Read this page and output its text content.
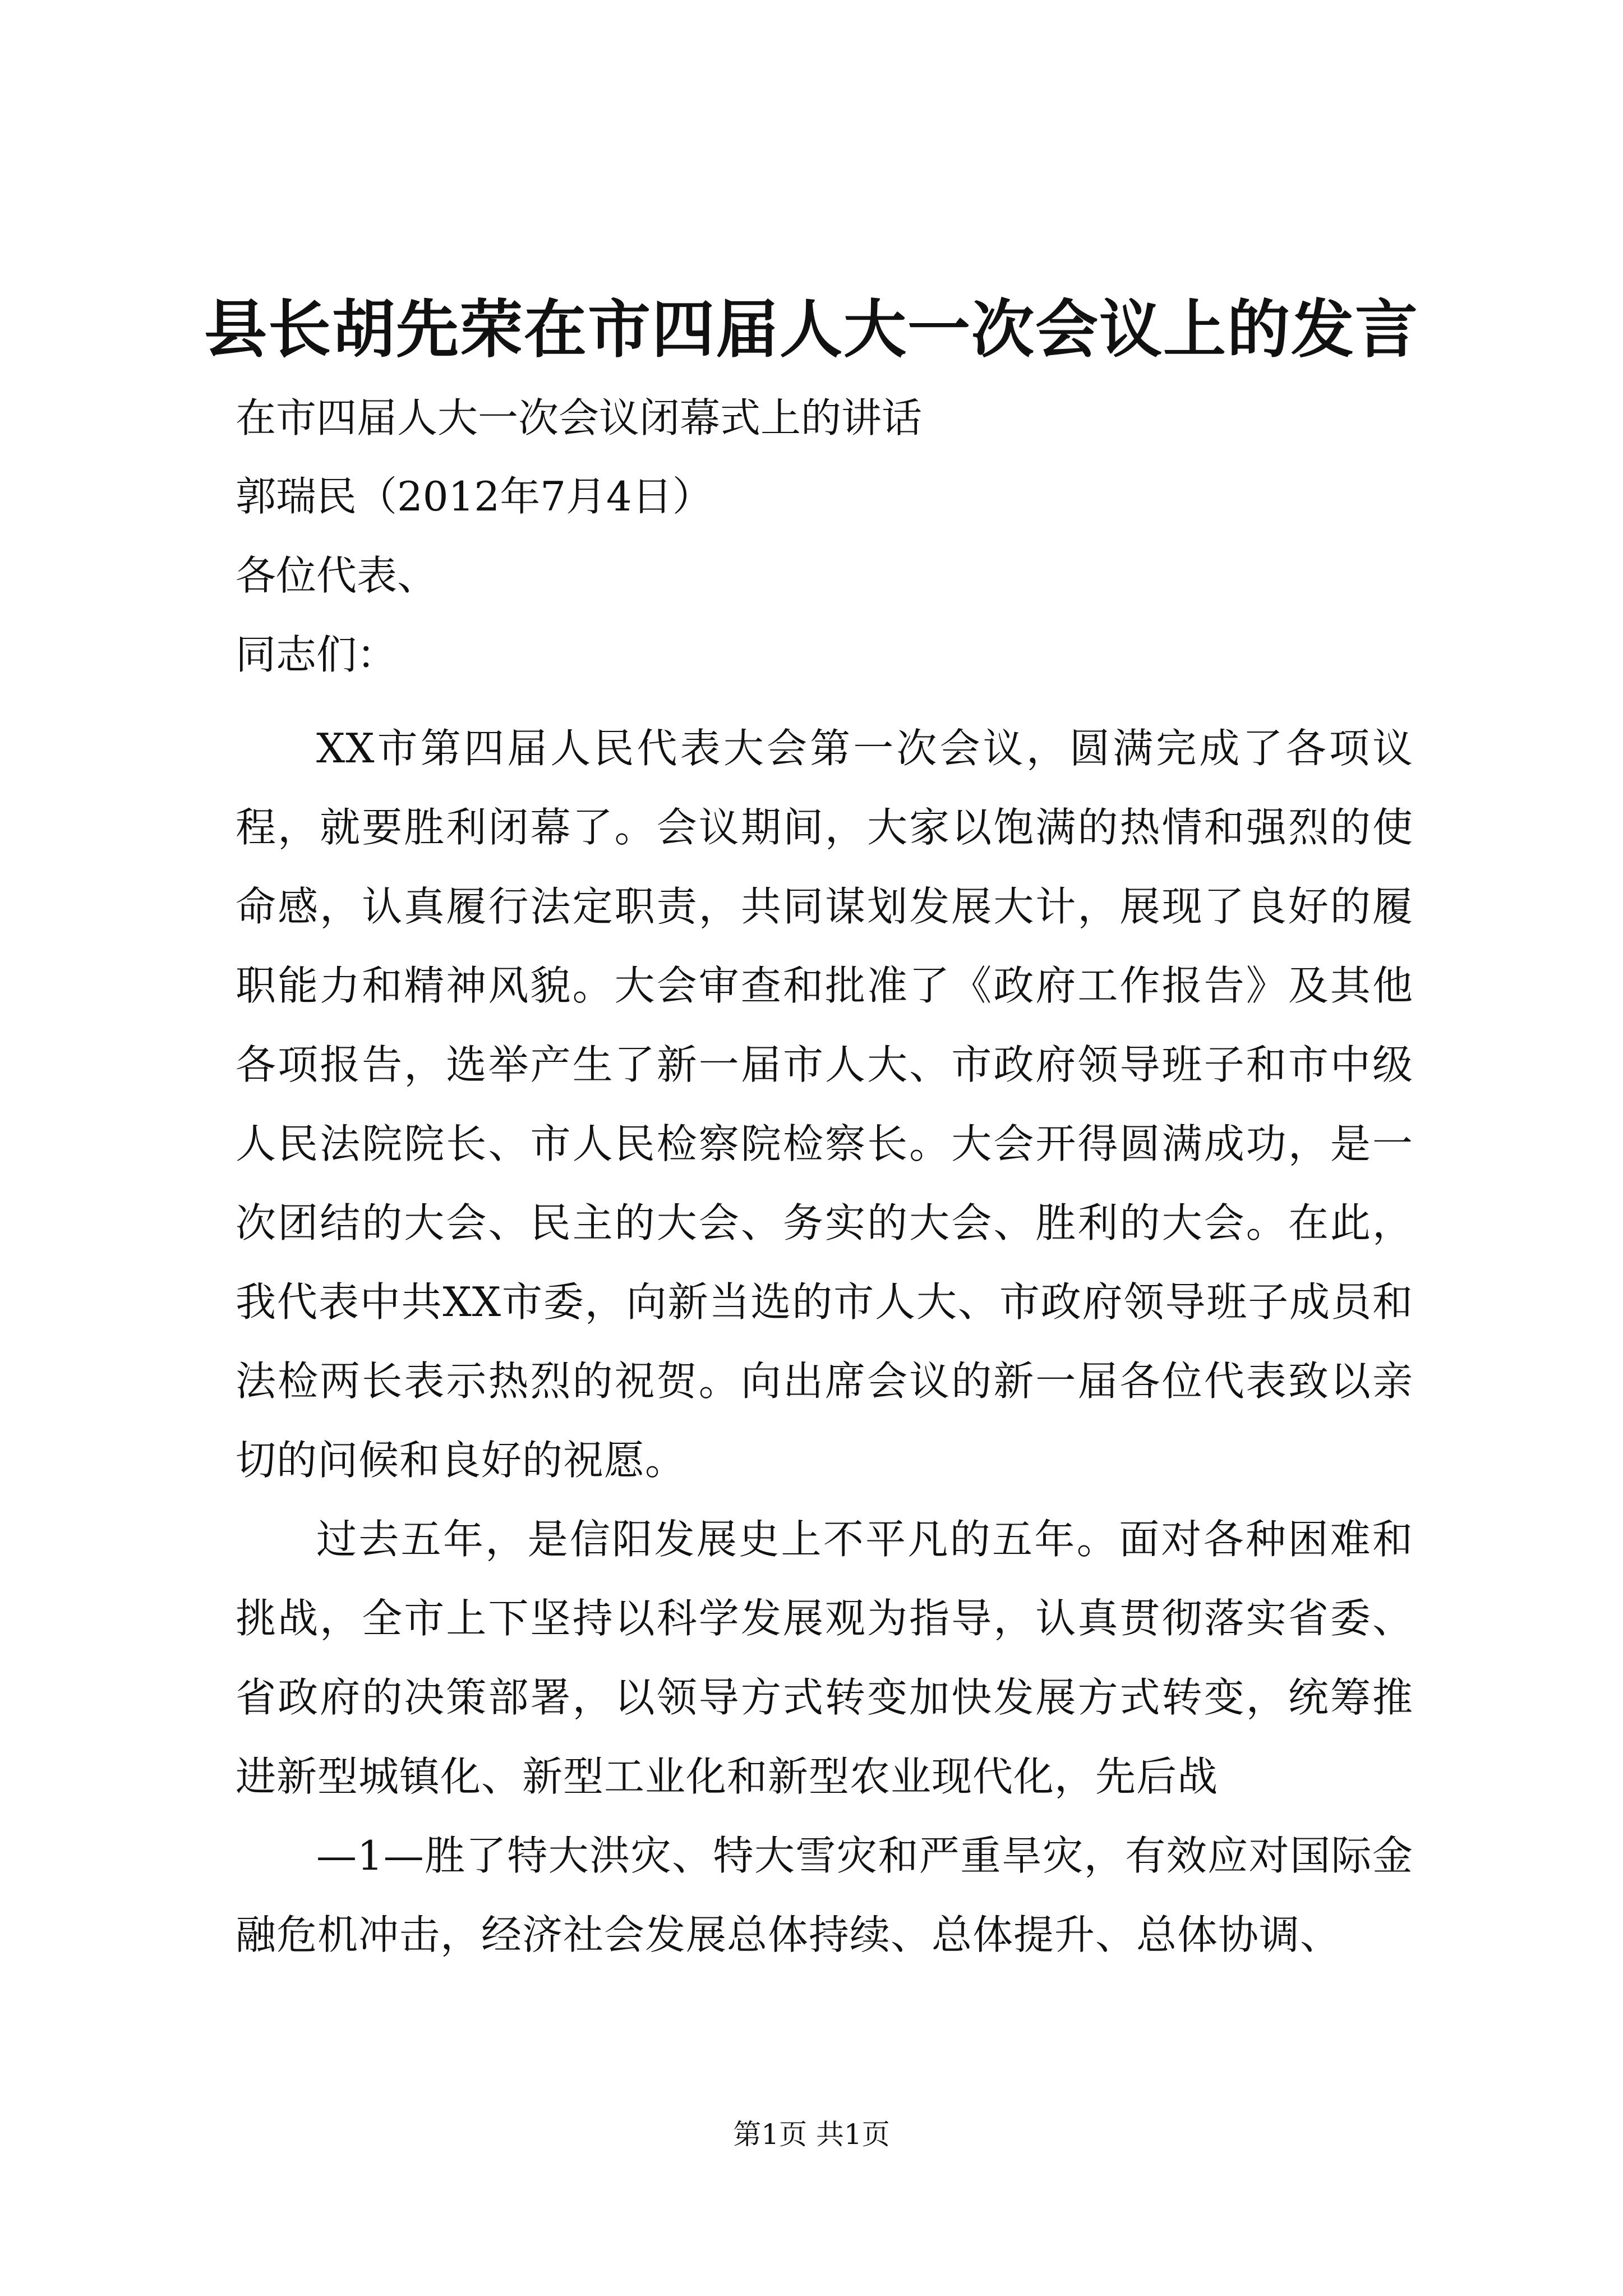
县长胡先荣在市四届人大一次会议上的发言

在市四届人大一次会议闭幕式上的讲话

郭瑞民（2012年7月4日）

各位代表、

同志们：

XX市第四届人民代表大会第一次会议，圆满完成了各项议程，就要胜利闭幕了。会议期间，大家以饱满的热情和强烈的使命感，认真履行法定职责，共同谋划发展大计，展现了良好的履职能力和精神风貌。大会审查和批准了《政府工作报告》及其他各项报告，选举产生了新一届市人大、市政府领导班子和市中级人民法院院长、市人民检察院检察长。大会开得圆满成功，是一次团结的大会、民主的大会、务实的大会、胜利的大会。在此，我代表中共XX市委，向新当选的市人大、市政府领导班子成员和法检两长表示热烈的祝贺。向出席会议的新一届各位代表致以亲切的问候和良好的祝愿。

过去五年，是信阳发展史上不平凡的五年。面对各种困难和挑战，全市上下坚持以科学发展观为指导，认真贯彻落实省委、省政府的决策部署，以领导方式转变加快发展方式转变，统筹推进新型城镇化、新型工业化和新型农业现代化，先后战

—1—胜了特大洪灾、特大雪灾和严重旱灾，有效应对国际金融危机冲击，经济社会发展总体持续、总体提升、总体协调、

第1页 共1页
